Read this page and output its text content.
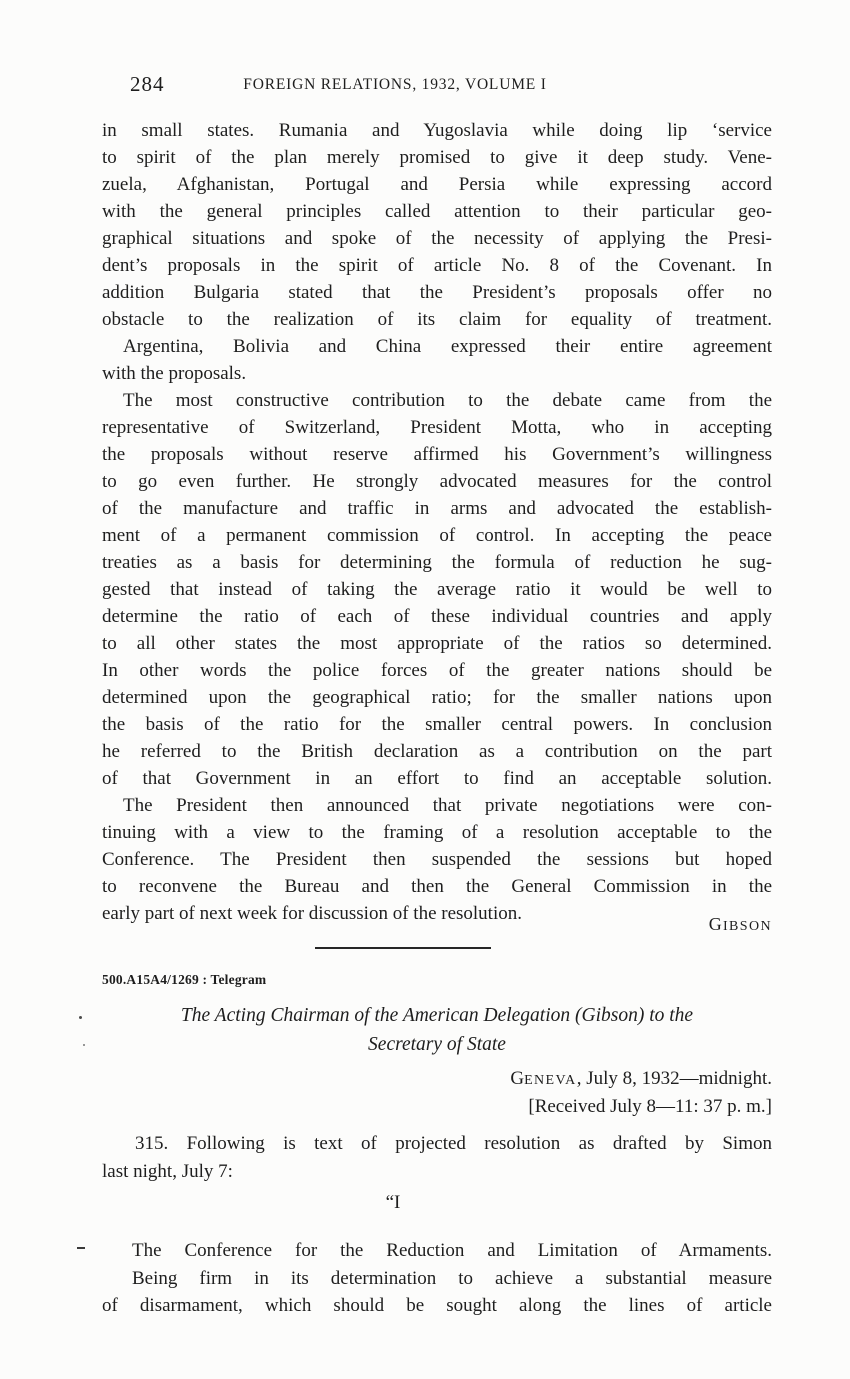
284	FOREIGN RELATIONS, 1932, VOLUME I
in small states. Rumania and Yugoslavia while doing lip ‘service
to spirit of the plan merely promised to give it deep study. Vene-
zuela, Afghanistan, Portugal and Persia while expressing accord
with the general principles called attention to their particular geo-
graphical situations and spoke of the necessity of applying the Presi-
dent’s proposals in the spirit of article No. 8 of the Covenant. In
addition Bulgaria stated that the President’s proposals offer no
obstacle to the realization of its claim for equality of treatment.
Argentina, Bolivia and China expressed their entire agreement
with the proposals.
The most constructive contribution to the debate came from the
representative of Switzerland, President Motta, who in accepting
the proposals without reserve affirmed his Government’s willingness
to go even further. He strongly advocated measures for the control
of the manufacture and traffic in arms and advocated the establish-
ment of a permanent commission of control. In accepting the peace
treaties as a basis for determining the formula of reduction he sug-
gested that instead of taking the average ratio it would be well to
determine the ratio of each of these individual countries and apply
to all other states the most appropriate of the ratios so determined.
In other words the police forces of the greater nations should be
determined upon the geographical ratio; for the smaller nations upon
the basis of the ratio for the smaller central powers. In conclusion
he referred to the British declaration as a contribution on the part
of that Government in an effort to find an acceptable solution.
The President then announced that private negotiations were con-
tinuing with a view to the framing of a resolution acceptable to the
Conference. The President then suspended the sessions but hoped
to reconvene the Bureau and then the General Commission in the
early part of next week for discussion of the resolution.	GIBSON
500.A15A4/1269 : Telegram
The Acting Chairman of the American Delegation (Gibson) to the
Secretary of State
GENEVA, July 8, 1932—midnight.
[Received July 8—11: 37 p. m.]
315. Following is text of projected resolution as drafted by Simon
last night, July 7:
“I
The Conference for the Reduction and Limitation of Armaments.
Being firm in its determination to achieve a substantial measure
of disarmament, which should be sought along the lines of article
